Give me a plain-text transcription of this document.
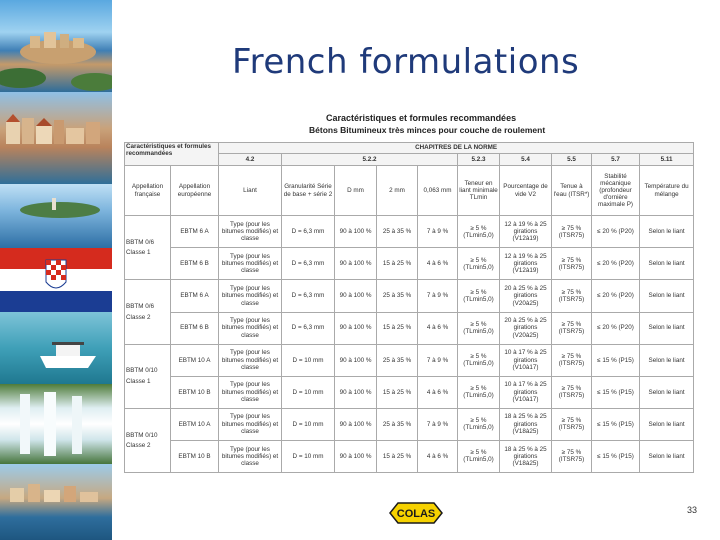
French formulations
Caractéristiques et formules recommandées
Bétons Bitumineux très minces pour couche de roulement
Caractéristiques et formules recommandées		CHAPITRES DE LA NORME									
		4.2	5.2.2				5.2.3	5.4	5.5	5.7	5.11
Appellation française	Appellation européenne	Liant	Granularité Série de base + série 2	D mm	2 mm	0,063 mm	Teneur en liant minimale TLmin	Pourcentage de vide V2	Tenue à l'eau (ITSR*)	Stabilité mécanique (profondeur d'ornière maximale P)	Température du mélange

BBTM 0/6
Classe 1	EBTM 6 A	Type (pour les bitumes modifiés) et classe	D = 6,3 mm	90 à 100 %	25 à 35 %	7 à 9 %	≥ 5 % (TLmin5,0)	12 à 19 % à 25 girations (V12à19)	≥ 75 % (ITSR75)	≤ 20 % (P20)	Selon le liant
	EBTM 6 B	Type (pour les bitumes modifiés) et classe	D = 6,3 mm	90 à 100 %	15 à 25 %	4 à 6 %	≥ 5 % (TLmin5,0)	12 à 19 % à 25 girations (V12à19)	≥ 75 % (ITSR75)	≤ 20 % (P20)	Selon le liant

BBTM 0/6
Classe 2	EBTM 6 A	Type (pour les bitumes modifiés) et classe	D = 6,3 mm	90 à 100 %	25 à 35 %	7 à 9 %	≥ 5 % (TLmin5,0)	20 à 25 % à 25 girations (V20à25)	≥ 75 % (ITSR75)	≤ 20 % (P20)	Selon le liant
	EBTM 6 B	Type (pour les bitumes modifiés) et classe	D = 6,3 mm	90 à 100 %	15 à 25 %	4 à 6 %	≥ 5 % (TLmin5,0)	20 à 25 % à 25 girations (V20à25)	≥ 75 % (ITSR75)	≤ 20 % (P20)	Selon le liant

BBTM 0/10
Classe 1	EBTM 10 A	Type (pour les bitumes modifiés) et classe	D = 10 mm	90 à 100 %	25 à 35 %	7 à 9 %	≥ 5 % (TLmin5,0)	10 à 17 % à 25 girations (V10à17)	≥ 75 % (ITSR75)	≤ 15 % (P15)	Selon le liant
	EBTM 10 B	Type (pour les bitumes modifiés) et classe	D = 10 mm	90 à 100 %	15 à 25 %	4 à 6 %	≥ 5 % (TLmin5,0)	10 à 17 % à 25 girations (V10à17)	≥ 75 % (ITSR75)	≤ 15 % (P15)	Selon le liant

BBTM 0/10
Classe 2	EBTM 10 A	Type (pour les bitumes modifiés) et classe	D = 10 mm	90 à 100 %	25 à 35 %	7 à 9 %	≥ 5 % (TLmin5,0)	18 à 25 % à 25 girations (V18à25)	≥ 75 % (ITSR75)	≤ 15 % (P15)	Selon le liant
	EBTM 10 B	Type (pour les bitumes modifiés) et classe	D = 10 mm	90 à 100 %	15 à 25 %	4 à 6 %	≥ 5 % (TLmin5,0)	18 à 25 % à 25 girations (V18à25)	≥ 75 % (ITSR75)	≤ 15 % (P15)	Selon le liant
COLAS	33
